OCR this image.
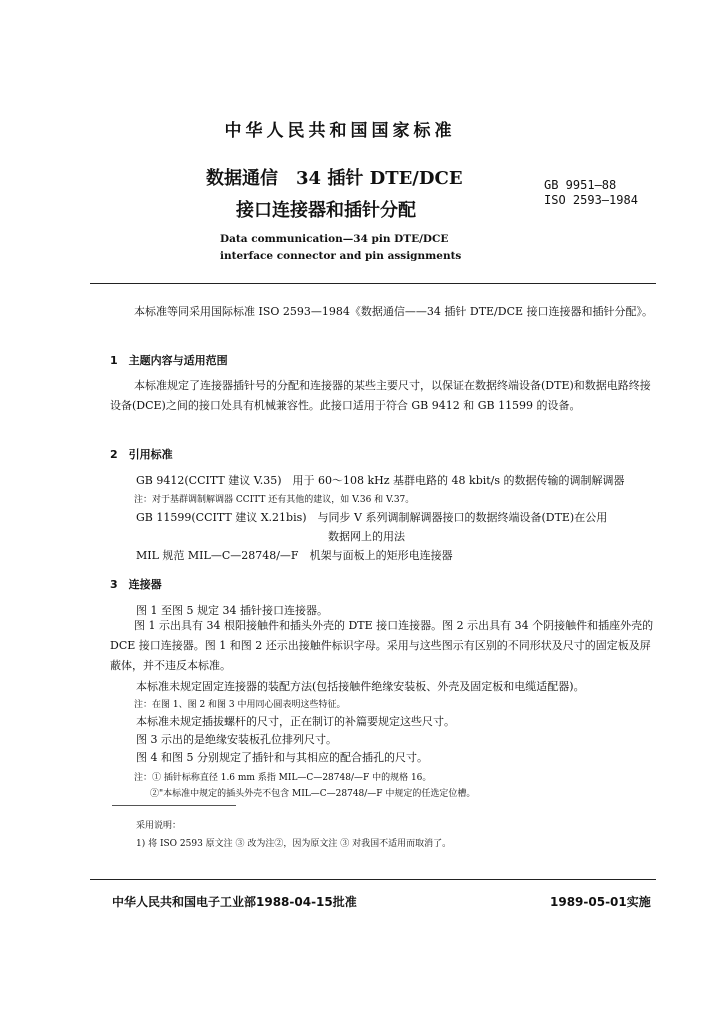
中华人民共和国国家标准
数据通信　34 插针 DTE/DCE
接口连接器和插针分配
GB 9951—88
ISO 2593—1984
Data communication—34 pin DTE/DCE
interface connector and pin assignments
本标准等同采用国际标准 ISO 2593—1984《数据通信——34 插针 DTE/DCE 接口连接器和插针分配》。
1　主题内容与适用范围
本标准规定了连接器插针号的分配和连接器的某些主要尺寸，以保证在数据终端设备(DTE)和数据电路终接设备(DCE)之间的接口处具有机械兼容性。此接口适用于符合 GB 9412 和 GB 11599 的设备。
2　引用标准
GB 9412(CCITT 建议 V.35)　用于 60～108 kHz 基群电路的 48 kbit/s 的数据传输的调制解调器
注：对于基群调制解调器 CCITT 还有其他的建议，如 V.36 和 V.37。
GB 11599(CCITT 建议 X.21bis)　与同步 V 系列调制解调器接口的数据终端设备(DTE)在公用
数据网上的用法
MIL 规范 MIL—C—28748/—F　机架与面板上的矩形电连接器
3　连接器
图 1 至图 5 规定 34 插针接口连接器。
图 1 示出具有 34 根阳接触件和插头外壳的 DTE 接口连接器。图 2 示出具有 34 个阴接触件和插座外壳的 DCE 接口连接器。图 1 和图 2 还示出接触件标识字母。采用与这些图示有区别的不同形状及尺寸的固定板及屏蔽体，并不违反本标准。
本标准未规定固定连接器的装配方法(包括接触件绝缘安装板、外壳及固定板和电缆适配器)。
注：在图 1、图 2 和图 3 中用同心圆表明这些特征。
本标准未规定插拔螺杆的尺寸，正在制订的补篇要规定这些尺寸。
图 3 示出的是绝缘安装板孔位排列尺寸。
图 4 和图 5 分别规定了插针和与其相应的配合插孔的尺寸。
注：① 插针标称直径 1.6 mm 系指 MIL—C—28748/—F 中的规格 16。
②"本标准中规定的插头外壳不包含 MIL—C—28748/—F 中规定的任选定位槽。
采用说明：
1) 将 ISO 2593 原文注 ③ 改为注②，因为原文注 ③ 对我国不适用而取消了。
中华人民共和国电子工业部1988-04-15批准	1989-05-01实施
